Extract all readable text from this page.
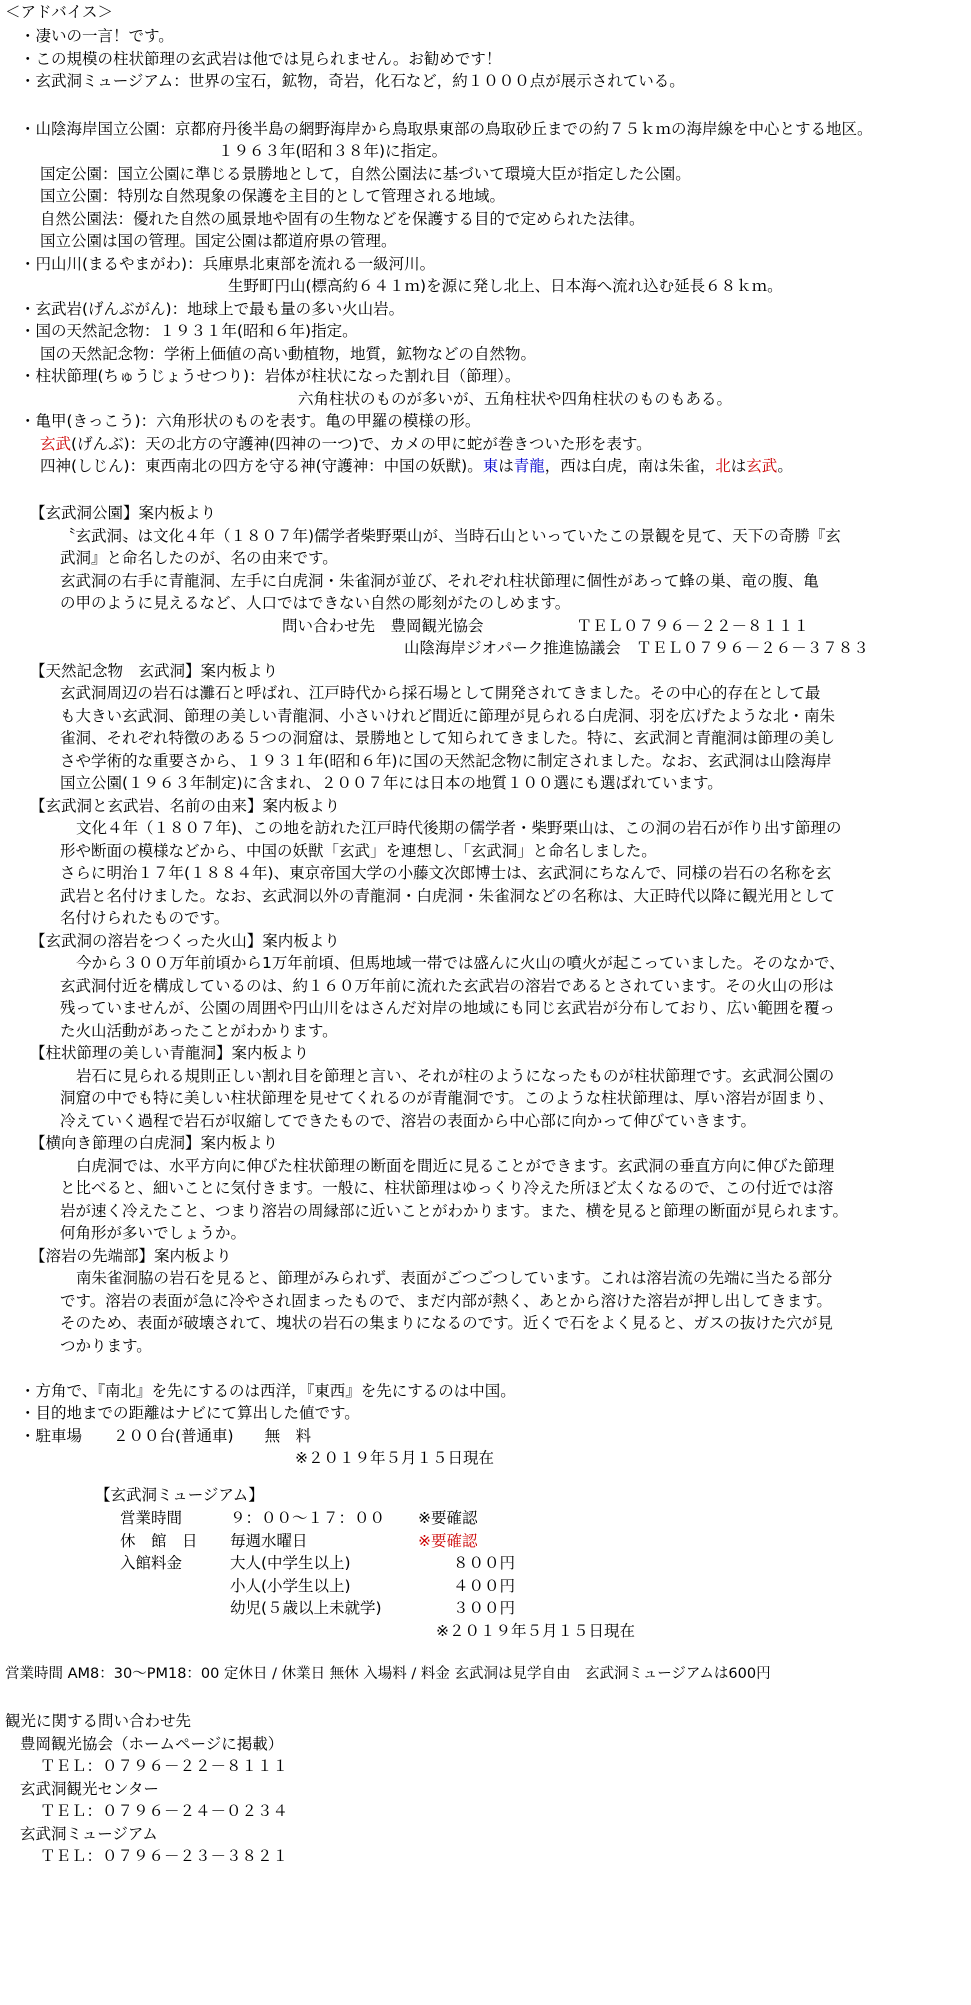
＜アドバイス＞
・凄いの一言！です。
・この規模の柱状節理の玄武岩は他では見られません。お勧めです！
・玄武洞ミュージアム：世界の宝石，鉱物，奇岩，化石など，約１０００点が展示されている。
・山陰海岸国立公園：京都府丹後半島の網野海岸から鳥取県東部の鳥取砂丘までの約７５ｋｍの海岸線を中心とする地区。
１９６３年(昭和３８年)に指定。
国定公園：国立公園に準じる景勝地として，自然公園法に基づいて環境大臣が指定した公園。
国立公園：特別な自然現象の保護を主目的として管理される地域。
自然公園法：優れた自然の風景地や固有の生物などを保護する目的で定められた法律。
国立公園は国の管理。国定公園は都道府県の管理。
・円山川(まるやまがわ)：兵庫県北東部を流れる一級河川。
生野町円山(標高約６４１ｍ)を源に発し北上、日本海へ流れ込む延長６８ｋｍ。
・玄武岩(げんぶがん)：地球上で最も量の多い火山岩。
・国の天然記念物：１９３１年(昭和６年)指定。
国の天然記念物：学術上価値の高い動植物，地質，鉱物などの自然物。
・柱状節理(ちゅうじょうせつり)：岩体が柱状になった割れ目（節理）。
六角柱状のものが多いが、五角柱状や四角柱状のものもある。
・亀甲(きっこう)：六角形状のものを表す。亀の甲羅の模様の形。
玄武(げんぶ)：天の北方の守護神(四神の一つ)で、カメの甲に蛇が巻きついた形を表す。
四神(しじん)：東西南北の四方を守る神(守護神：中国の妖獣)。東は青龍，西は白虎，南は朱雀，北は玄武。
【玄武洞公園】案内板より
〝玄武洞〟は文化４年（１８０７年)儒学者柴野栗山が、当時石山といっていたこの景観を見て、天下の奇勝『玄
武洞』と命名したのが、名の由来です。
玄武洞の右手に青龍洞、左手に白虎洞・朱雀洞が並び、それぞれ柱状節理に個性があって蜂の巣、竜の腹、亀
の甲のように見えるなど、人口ではできない自然の彫刻がたのしめます。
問い合わせ先　豊岡観光協会　　　　　　ＴＥＬ０７９６－２２－８１１１
山陰海岸ジオパーク推進協議会　ＴＥＬ０７９６－２６－３７８３
【天然記念物　玄武洞】案内板より
玄武洞周辺の岩石は灘石と呼ばれ、江戸時代から採石場として開発されてきました。その中心的存在として最
も大きい玄武洞、節理の美しい青龍洞、小さいけれど間近に節理が見られる白虎洞、羽を広げたような北・南朱
雀洞、それぞれ特徴のある５つの洞窟は、景勝地として知られてきました。特に、玄武洞と青龍洞は節理の美し
さや学術的な重要さから、１９３１年(昭和６年)に国の天然記念物に制定されました。なお、玄武洞は山陰海岸
国立公園(１９６３年制定)に含まれ、２００７年には日本の地質１００選にも選ばれています。
【玄武洞と玄武岩、名前の由来】案内板より
文化４年（１８０７年)、この地を訪れた江戸時代後期の儒学者・柴野栗山は、この洞の岩石が作り出す節理の
形や断面の模様などから、中国の妖獣「玄武」を連想し、「玄武洞」と命名しました。
さらに明治１７年(１８８４年)、東京帝国大学の小藤文次郎博士は、玄武洞にちなんで、同様の岩石の名称を玄
武岩と名付けました。なお、玄武洞以外の青龍洞・白虎洞・朱雀洞などの名称は、大正時代以降に観光用として
名付けられたものです。
【玄武洞の溶岩をつくった火山】案内板より
今から３００万年前頃から1万年前頃、但馬地域一帯では盛んに火山の噴火が起こっていました。そのなかで、
玄武洞付近を構成しているのは、約１６０万年前に流れた玄武岩の溶岩であるとされています。その火山の形は
残っていませんが、公園の周囲や円山川をはさんだ対岸の地域にも同じ玄武岩が分布しており、広い範囲を覆っ
た火山活動があったことがわかります。
【柱状節理の美しい青龍洞】案内板より
岩石に見られる規則正しい割れ目を節理と言い、それが柱のようになったものが柱状節理です。玄武洞公園の
洞窟の中でも特に美しい柱状節理を見せてくれるのが青龍洞です。このような柱状節理は、厚い溶岩が固まり、
冷えていく過程で岩石が収縮してできたもので、溶岩の表面から中心部に向かって伸びていきます。
【横向き節理の白虎洞】案内板より
白虎洞では、水平方向に伸びた柱状節理の断面を間近に見ることができます。玄武洞の垂直方向に伸びた節理
と比べると、細いことに気付きます。一般に、柱状節理はゆっくり冷えた所ほど太くなるので、この付近では溶
岩が速く冷えたこと、つまり溶岩の周縁部に近いことがわかります。また、横を見ると節理の断面が見られます。
何角形が多いでしょうか。
【溶岩の先端部】案内板より
南朱雀洞脇の岩石を見ると、節理がみられず、表面がごつごつしています。これは溶岩流の先端に当たる部分
です。溶岩の表面が急に冷やされ固まったもので、まだ内部が熱く、あとから溶けた溶岩が押し出してきます。
そのため、表面が破壊されて、塊状の岩石の集まりになるのです。近くで石をよく見ると、ガスの抜けた穴が見
つかります。
・方角で、『南北』を先にするのは西洋，『東西』を先にするのは中国。
・目的地までの距離はナビにて算出した値です。
・駐車場　　２００台(普通車)　　無　料
※２０１９年５月１５日現在
【玄武洞ミュージアム】
営業時間	９：００～１７：００ ※要確認
休　館　日 毎週水曜日	※要確認
入館料金	大人(中学生以上)	８００円
小人(小学生以上)	４００円
幼児(５歳以上未就学)	３００円
※２０１９年５月１５日現在
営業時間 AM8：30～PM18：00 定休日 / 休業日 無休 入場料 / 料金 玄武洞は見学自由　玄武洞ミュージアムは600円
観光に関する問い合わせ先
豊岡観光協会（ホームページに掲載）
ＴＥＬ：０７９６－２２－８１１１
玄武洞観光センター
ＴＥＬ：０７９６－２４－０２３４
玄武洞ミュージアム
ＴＥＬ：０７９６－２３－３８２１
